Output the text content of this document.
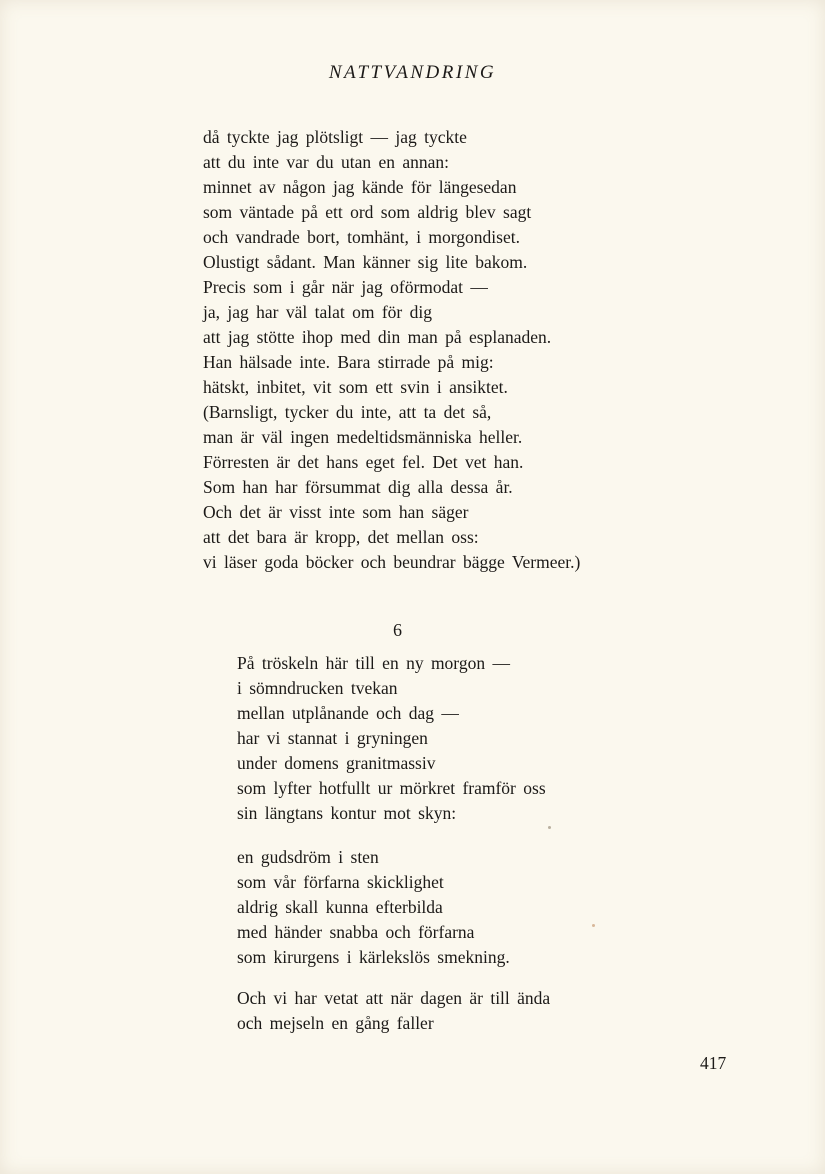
NATTVANDRING
då tyckte jag plötsligt — jag tyckte
att du inte var du utan en annan:
minnet av någon jag kände för längesedan
som väntade på ett ord som aldrig blev sagt
och vandrade bort, tomhänt, i morgondiset.
Olustigt sådant. Man känner sig lite bakom.
Precis som i går när jag oförmodat —
ja, jag har väl talat om för dig
att jag stötte ihop med din man på esplanaden.
Han hälsade inte. Bara stirrade på mig:
hätskt, inbitet, vit som ett svin i ansiktet.
(Barnsligt, tycker du inte, att ta det så,
man är väl ingen medeltidsmänniska heller.
Förresten är det hans eget fel. Det vet han.
Som han har försummat dig alla dessa år.
Och det är visst inte som han säger
att det bara är kropp, det mellan oss:
vi läser goda böcker och beundrar bägge Vermeer.)
6
På tröskeln här till en ny morgon —
i sömndrucken tvekan
mellan utplånande och dag —
har vi stannat i gryningen
under domens granitmassiv
som lyfter hotfullt ur mörkret framför oss
sin längtans kontur mot skyn:
en gudsdröm i sten
som vår förfarna skicklighet
aldrig skall kunna efterbilda
med händer snabba och förfarna
som kirurgens i kärlekslös smekning.
Och vi har vetat att när dagen är till ända
och mejseln en gång faller
417
